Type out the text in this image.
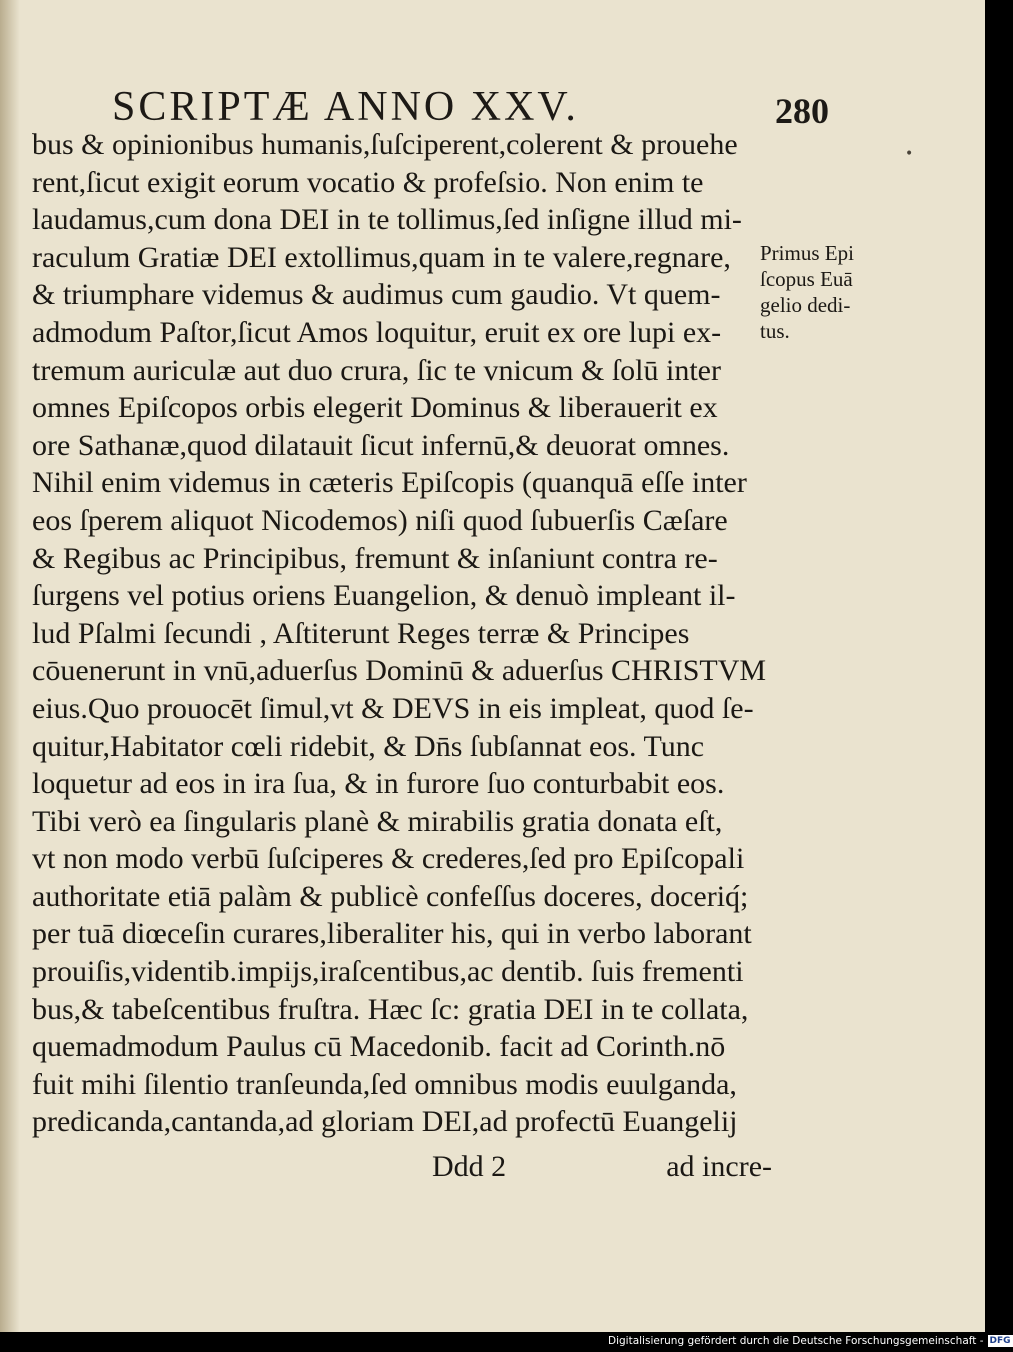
SCRIPTÆ ANNO XXV.	280
•
bus & opinionibus humanis,ſuſciperent,colerent & prouehe
rent,ſicut exigit eorum vocatio & profeſsio. Non enim te
laudamus,cum dona DEI in te tollimus,ſed inſigne illud mi-
raculum Gratiæ DEI extollimus,quam in te valere,regnare,
& triumphare videmus & audimus cum gaudio. Vt quem-
admodum Paſtor,ſicut Amos loquitur, eruit ex ore lupi ex-
tremum auriculæ aut duo crura, ſic te vnicum & ſolū inter
omnes Epiſcopos orbis elegerit Dominus & liberauerit ex
ore Sathanæ,quod dilatauit ſicut infernū,& deuorat omnes.
Nihil enim videmus in cæteris Epiſcopis (quanquā eſſe inter
eos ſperem aliquot Nicodemos) niſi quod ſubuerſis Cæſare
& Regibus ac Principibus, fremunt & inſaniunt contra re-
ſurgens vel potius oriens Euangelion, & denuò impleant il-
lud Pſalmi ſecundi , Aſtiterunt Reges terræ & Principes
cōuenerunt in vnū,aduerſus Dominū & aduerſus CHRISTVM
eius.Quo prouocēt ſimul,vt & DEVS in eis impleat, quod ſe-
quitur,Habitator cœli ridebit, & Dn̄s ſubſannat eos. Tunc
loquetur ad eos in ira ſua, & in furore ſuo conturbabit eos.
Tibi verò ea ſingularis planè & mirabilis gratia donata eſt,
vt non modo verbū ſuſciperes & crederes,ſed pro Epiſcopali
authoritate etiā palàm & publicè confeſſus doceres, doceriq́;
per tuā diœceſin curares,liberaliter his, qui in verbo laborant
prouiſis,videntib.impijs,iraſcentibus,ac dentib. ſuis frementi
bus,& tabeſcentibus fruſtra. Hæc ſc: gratia DEI in te collata,
quemadmodum Paulus cū Macedonib. facit ad Corinth.nō
fuit mihi ſilentio tranſeunda,ſed omnibus modis euulganda,
predicanda,cantanda,ad gloriam DEI,ad profectū Euangelij
Primus Epi
ſcopus Euā
gelio dedi-
tus.
Ddd 2	ad incre-
Digitalisierung gefördert durch die Deutsche Forschungsgemeinschaft - DFG
